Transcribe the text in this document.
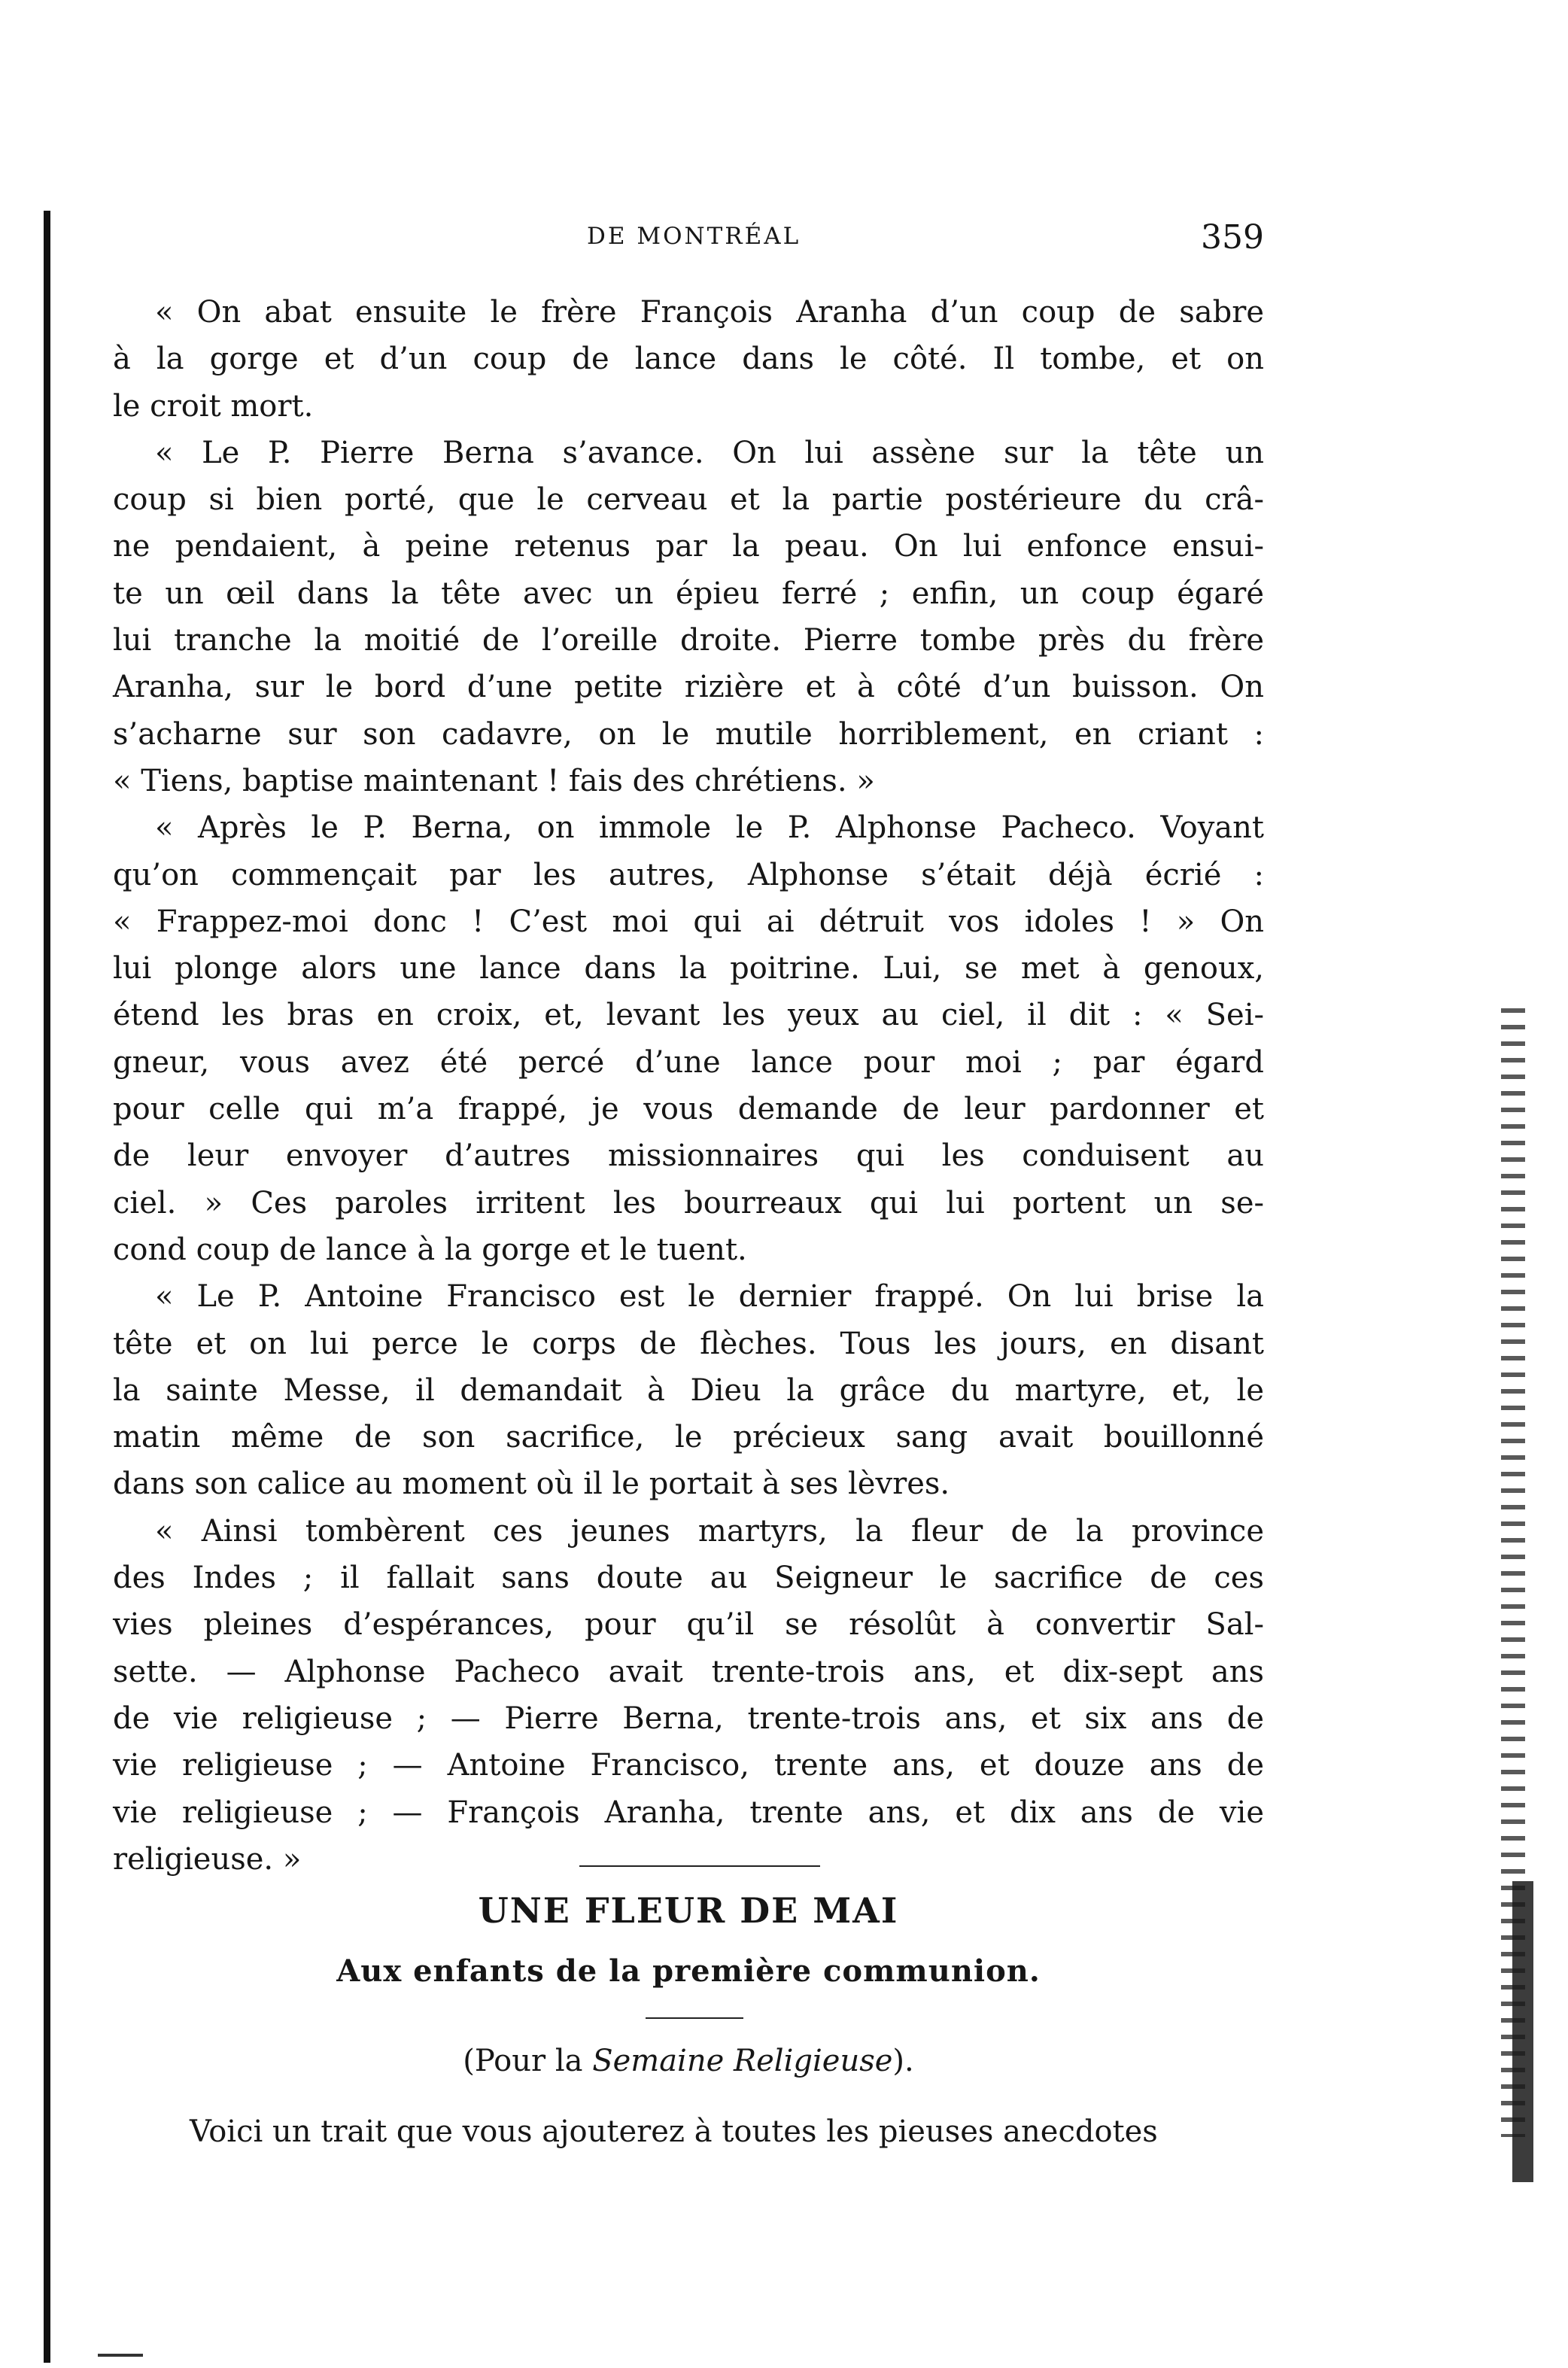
DE MONTRÉAL	359
« On abat ensuite le frère François Aranha d’un coup de sabre
à la gorge et d’un coup de lance dans le côté. Il tombe, et on
le croit mort.
« Le P. Pierre Berna s’avance. On lui assène sur la tête un
coup si bien porté, que le cerveau et la partie postérieure du crâ-
ne pendaient, à peine retenus par la peau. On lui enfonce ensui-
te un œil dans la tête avec un épieu ferré ; enfin, un coup égaré
lui tranche la moitié de l’oreille droite. Pierre tombe près du frère
Aranha, sur le bord d’une petite rizière et à côté d’un buisson. On
s’acharne sur son cadavre, on le mutile horriblement, en criant :
« Tiens, baptise maintenant ! fais des chrétiens. »
« Après le P. Berna, on immole le P. Alphonse Pacheco. Voyant
qu’on commençait par les autres, Alphonse s’était déjà écrié :
« Frappez-moi donc ! C’est moi qui ai détruit vos idoles ! » On
lui plonge alors une lance dans la poitrine. Lui, se met à genoux,
étend les bras en croix, et, levant les yeux au ciel, il dit : « Sei-
gneur, vous avez été percé d’une lance pour moi ; par égard
pour celle qui m’a frappé, je vous demande de leur pardonner et
de leur envoyer d’autres missionnaires qui les conduisent au
ciel. » Ces paroles irritent les bourreaux qui lui portent un se-
cond coup de lance à la gorge et le tuent.
« Le P. Antoine Francisco est le dernier frappé. On lui brise la
tête et on lui perce le corps de flèches. Tous les jours, en disant
la sainte Messe, il demandait à Dieu la grâce du martyre, et, le
matin même de son sacrifice, le précieux sang avait bouillonné
dans son calice au moment où il le portait à ses lèvres.
« Ainsi tombèrent ces jeunes martyrs, la fleur de la province
des Indes ; il fallait sans doute au Seigneur le sacrifice de ces
vies pleines d’espérances, pour qu’il se résolût à convertir Sal-
sette. — Alphonse Pacheco avait trente-trois ans, et dix-sept ans
de vie religieuse ; — Pierre Berna, trente-trois ans, et six ans de
vie religieuse ; — Antoine Francisco, trente ans, et douze ans de
vie religieuse ; — François Aranha, trente ans, et dix ans de vie
religieuse. »
UNE FLEUR DE MAI
Aux enfants de la première communion.
(Pour la Semaine Religieuse).
Voici un trait que vous ajouterez à toutes les pieuses anecdotes
